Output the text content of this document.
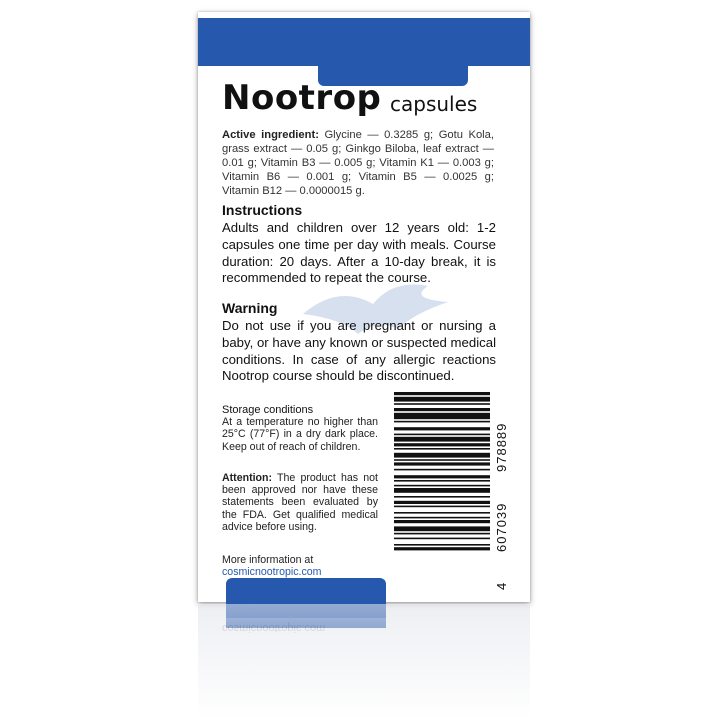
Nootrop capsules
Active ingredient: Glycine — 0.3285 g; Gotu Kola, grass extract — 0.05 g; Ginkgo Biloba, leaf extract — 0.01 g; Vitamin B3 — 0.005 g; Vitamin K1 — 0.003 g; Vitamin B6 — 0.001 g; Vitamin B5 — 0.0025 g; Vitamin B12 — 0.0000015 g.
Instructions
Adults and children over 12 years old: 1-2 capsules one time per day with meals. Course duration: 20 days. After a 10-day break, it is recommended to repeat the course.
Warning
Do not use if you are pregnant or nursing a baby, or have any known or suspected medical conditions. In case of any allergic reactions Nootrop course should be discontinued.
Storage conditions
At a temperature no higher than 25°C (77°F) in a dry dark place. Keep out of reach of children.
Attention: The product has not been approved nor have these statements been evaluated by the FDA. Get qualified medical advice before using.
More information at
cosmicnootropic.com
4
607039
978889
cosmicnootropic.com
